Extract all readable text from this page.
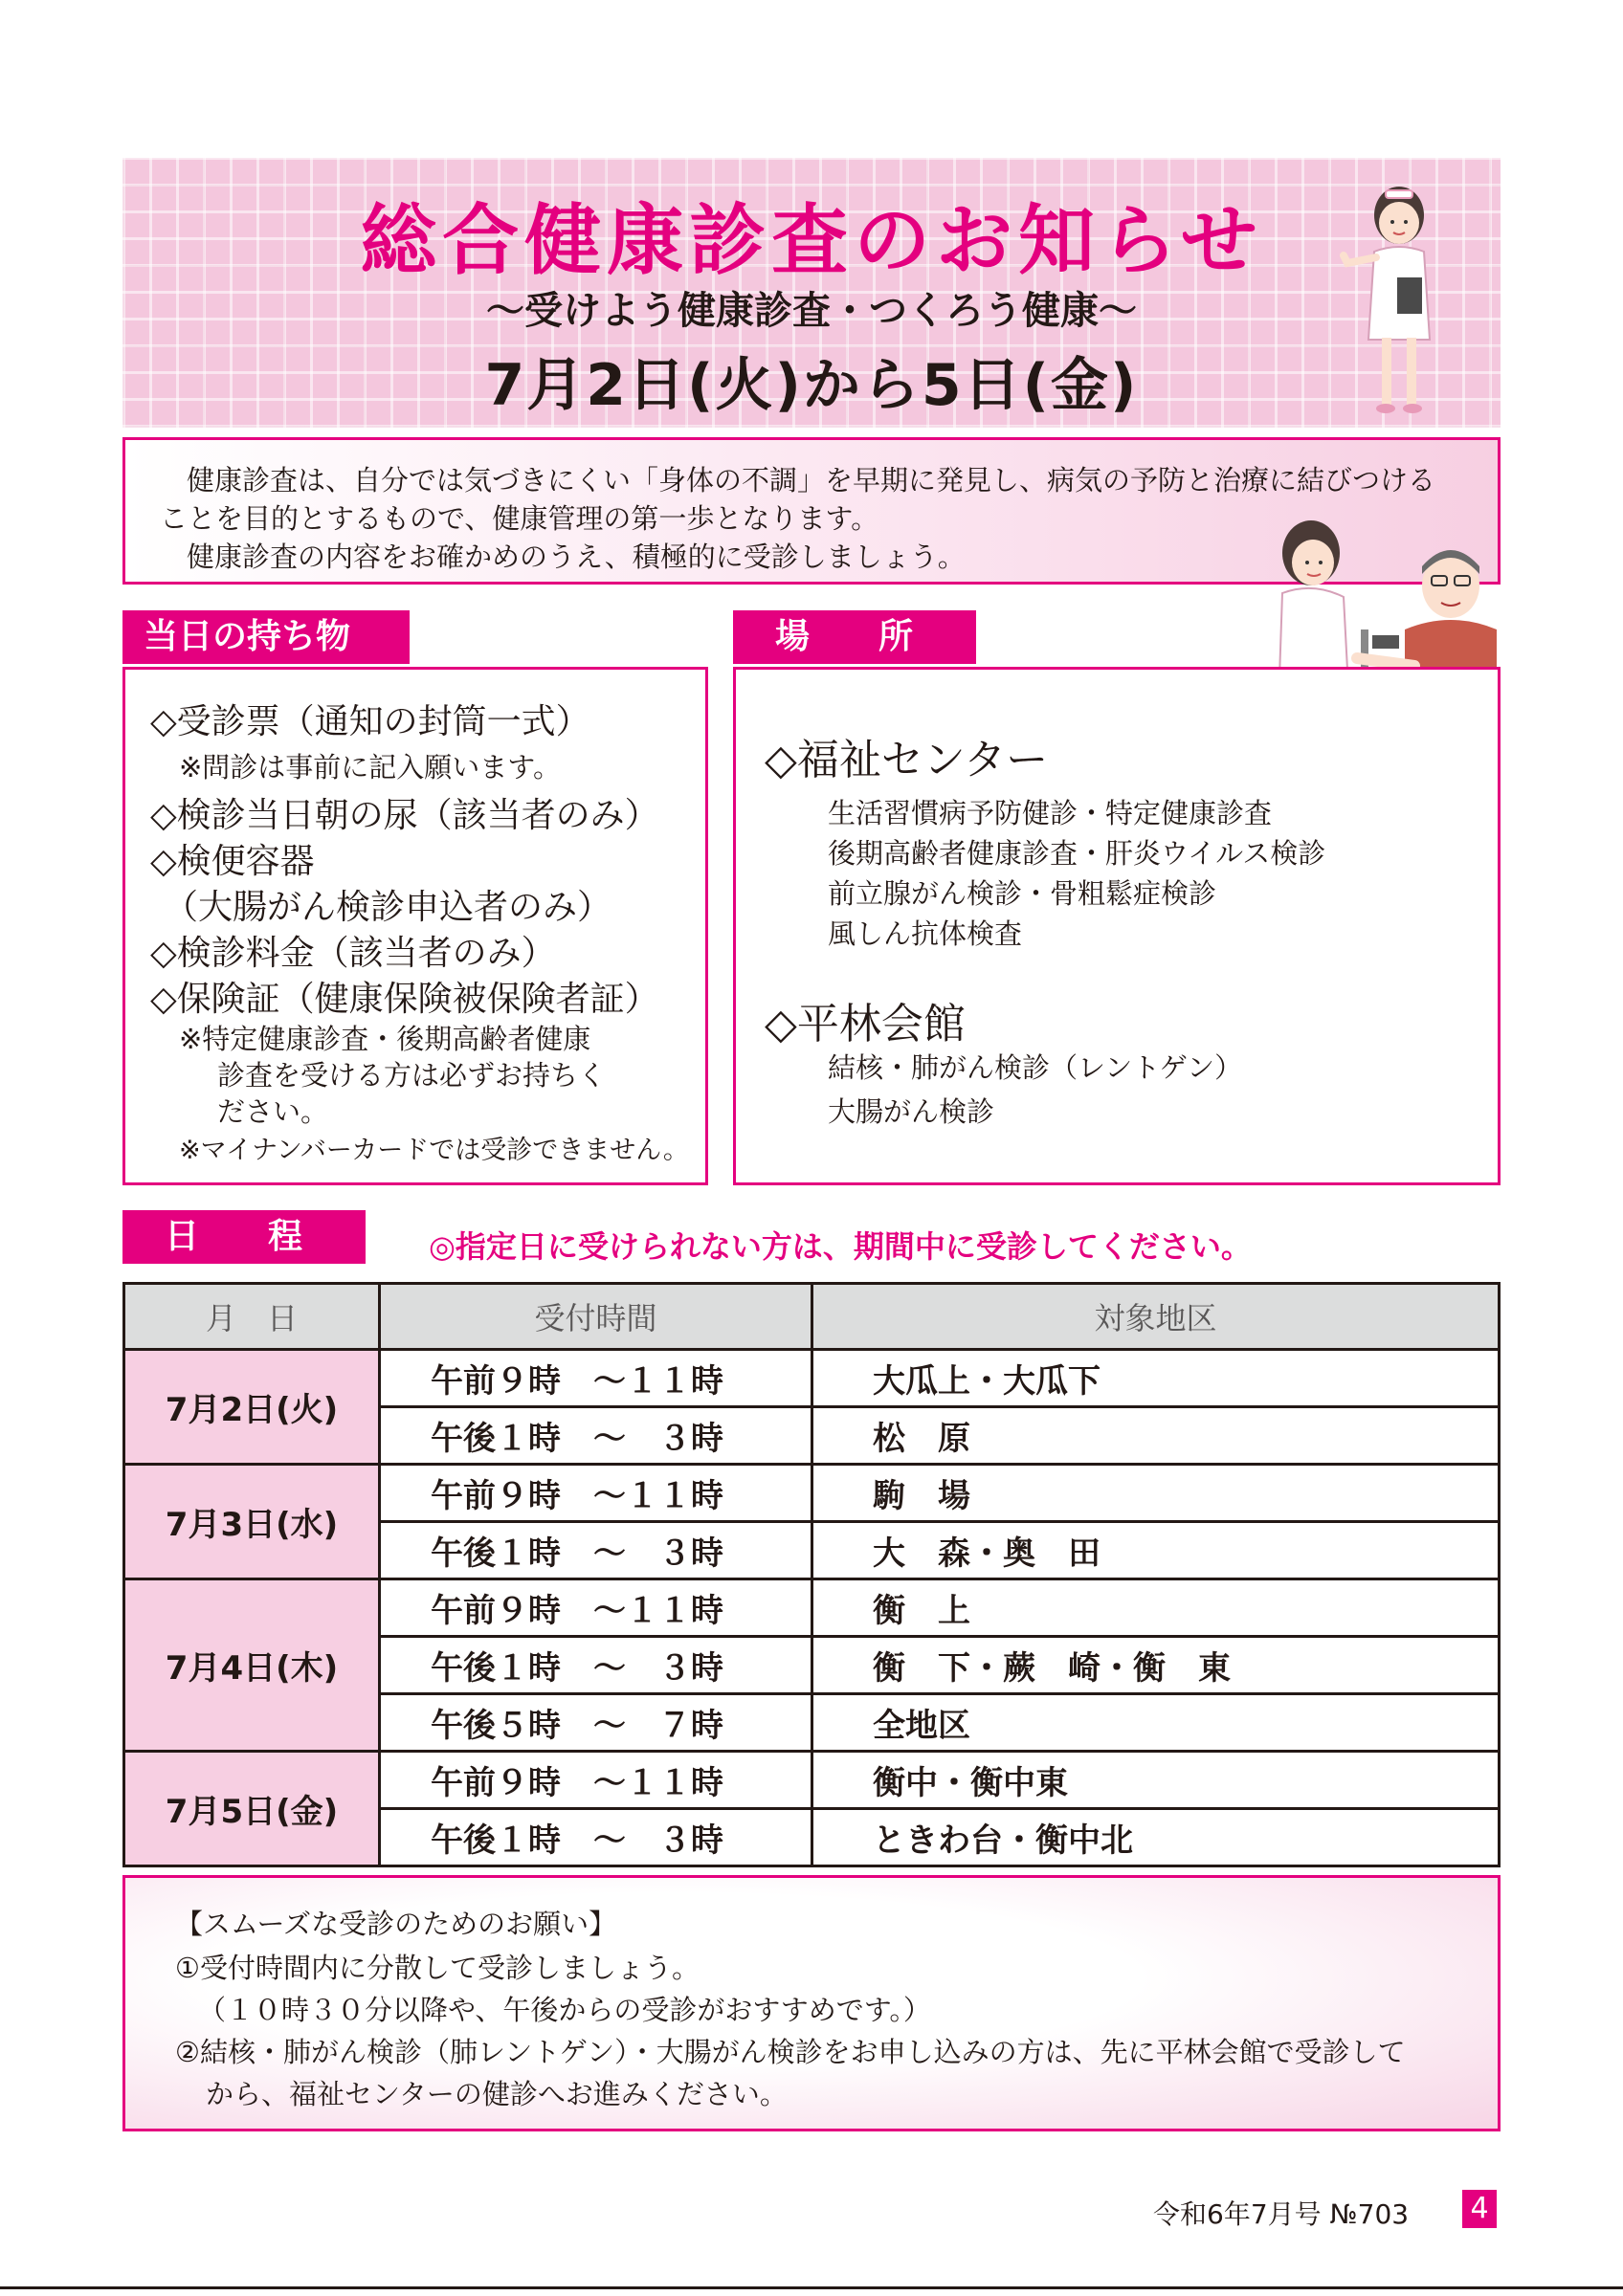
総合健康診査のお知らせ
～受けよう健康診査・つくろう健康～
7月2日(火)から5日(金)
健康診査は、自分では気づきにくい「身体の不調」を早期に発見し、病気の予防と治療に結びつける
ことを目的とするもので、健康管理の第一歩となります。
健康診査の内容をお確かめのうえ、積極的に受診しましょう。
当日の持ち物
◇受診票（通知の封筒一式）
※問診は事前に記入願います。
◇検診当日朝の尿（該当者のみ）
◇検便容器
（大腸がん検診申込者のみ）
◇検診料金（該当者のみ）
◇保険証（健康保険被保険者証）
※特定健康診査・後期高齢者健康
診査を受ける方は必ずお持ちく
ださい。
※マイナンバーカードでは受診できません。
場　　所
◇福祉センター
生活習慣病予防健診・特定健康診査
後期高齢者健康診査・肝炎ウイルス検診
前立腺がん検診・骨粗鬆症検診
風しん抗体検査
◇平林会館
結核・肺がん検診（レントゲン）
大腸がん検診
日　　程	◎指定日に受けられない方は、期間中に受診してください。
月　日	受付時間	対象地区
7月2日(火)	午前９時　～１１時	大瓜上・大瓜下
	午後１時　～　３時	松　原
7月3日(水)	午前９時　～１１時	駒　場
	午後１時　～　３時	大　森・奥　田
7月4日(木)	午前９時　～１１時	衡　上
	午後１時　～　３時	衡　下・蕨　崎・衡　東
	午後５時　～　７時	全地区
7月5日(金)	午前９時　～１１時	衡中・衡中東
	午後１時　～　３時	ときわ台・衡中北
【スムーズな受診のためのお願い】
①受付時間内に分散して受診しましょう。
（１０時３０分以降や、午後からの受診がおすすめです。）
②結核・肺がん検診（肺レントゲン）・大腸がん検診をお申し込みの方は、先に平林会館で受診して
から、福祉センターの健診へお進みください。
令和6年7月号 №703 4
